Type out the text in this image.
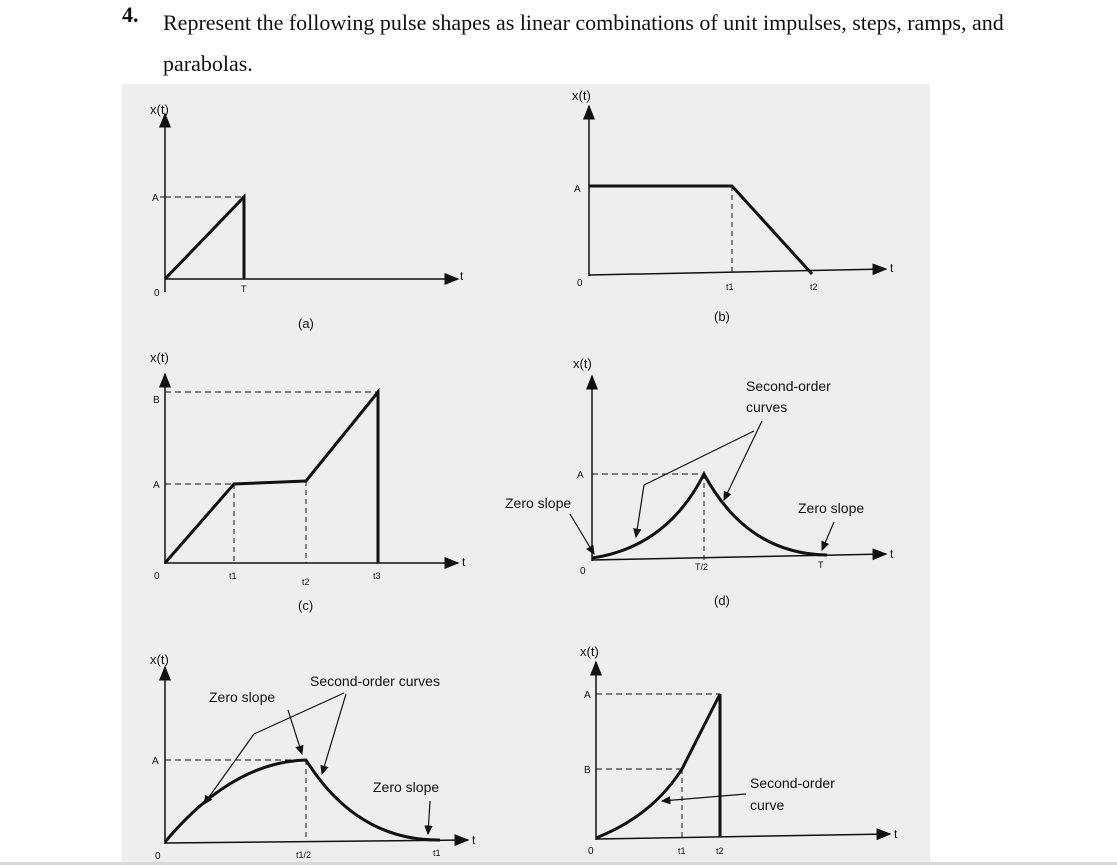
4. Represent the following pulse shapes as linear combinations of unit impulses, steps, ramps, and parabolas.
x(t)
A
0	T
t
(a)
x(t)
A
0	t1	t2
t
(b)
x(t)
B
A
0	t1
t2
t3
t
(c)
x(t)
A
0	T/2	T
t
(d)
Second-order
curves
Zero slope	Zero slope
x(t)
A
0	t1/2	t1
t
Zero slope
Second-order curves
Zero slope
x(t)
A
B
0	t1	t2
t
Second-order
curve
